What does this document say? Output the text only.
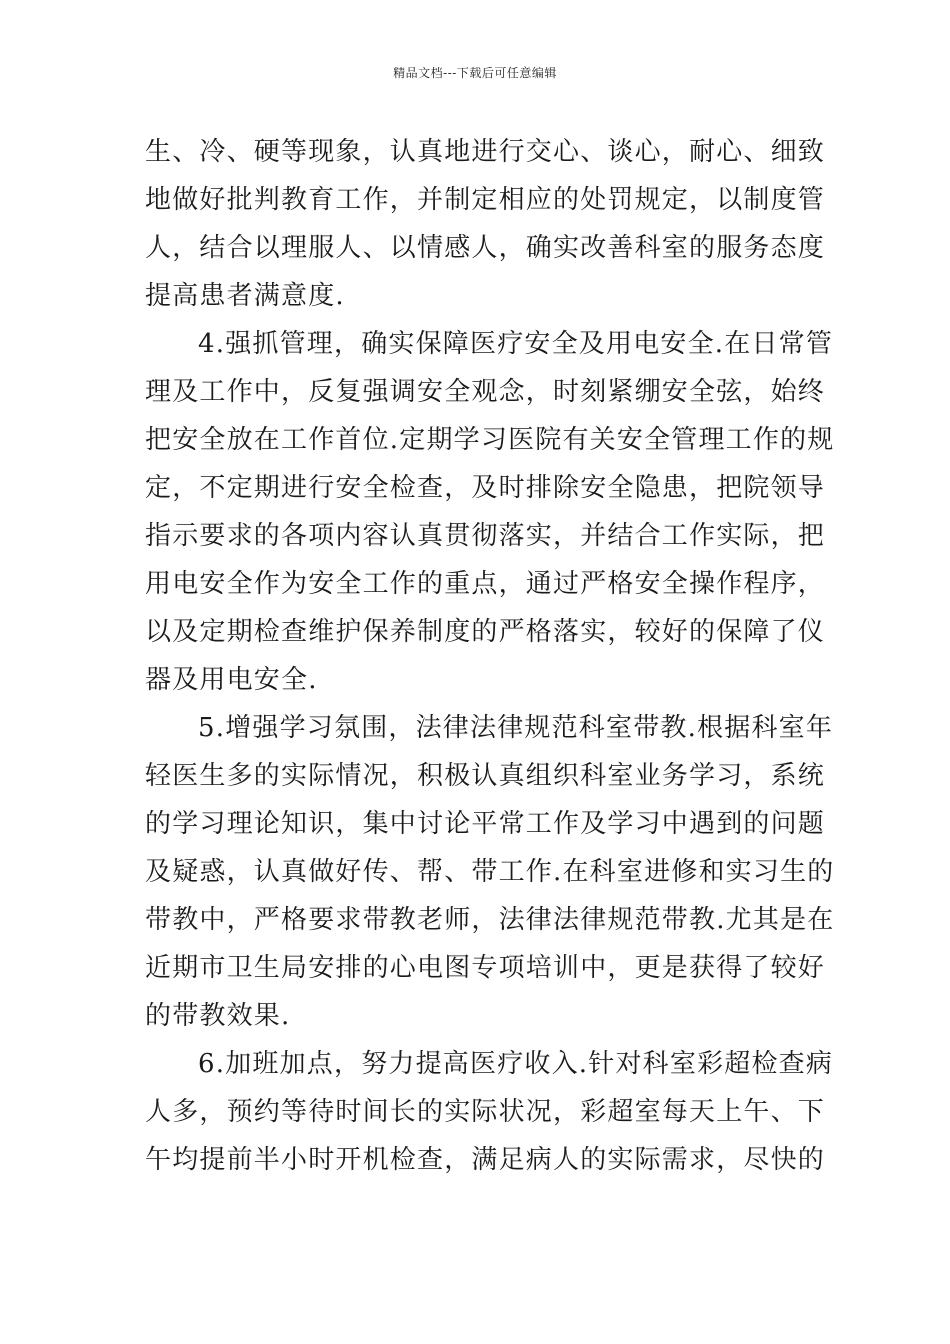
精品文档---下载后可任意编辑
生、冷、硬等现象，认真地进行交心、谈心，耐心、细致
地做好批判教育工作，并制定相应的处罚规定，以制度管
人，结合以理服人、以情感人，确实改善科室的服务态度
提高患者满意度.
4.强抓管理，确实保障医疗安全及用电安全.在日常管
理及工作中，反复强调安全观念，时刻紧绷安全弦，始终
把安全放在工作首位.定期学习医院有关安全管理工作的规
定，不定期进行安全检查，及时排除安全隐患，把院领导
指示要求的各项内容认真贯彻落实，并结合工作实际，把
用电安全作为安全工作的重点，通过严格安全操作程序，
以及定期检查维护保养制度的严格落实，较好的保障了仪
器及用电安全.
5.增强学习氛围，法律法律规范科室带教.根据科室年
轻医生多的实际情况，积极认真组织科室业务学习，系统
的学习理论知识，集中讨论平常工作及学习中遇到的问题
及疑惑，认真做好传、帮、带工作.在科室进修和实习生的
带教中，严格要求带教老师，法律法律规范带教.尤其是在
近期市卫生局安排的心电图专项培训中，更是获得了较好
的带教效果.
6.加班加点，努力提高医疗收入.针对科室彩超检查病
人多，预约等待时间长的实际状况，彩超室每天上午、下
午均提前半小时开机检查，满足病人的实际需求，尽快的
